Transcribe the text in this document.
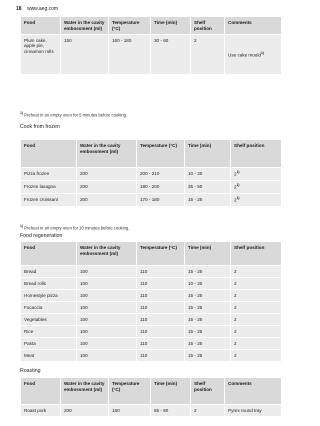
18 www.aeg.com
Food	Water in the cavity embossment (ml)	Temperature (°C)	Time (min)	Shelf position	Comments
Plum cake, apple pie, cinnamon rolls	150	160 - 180	30 - 60	2	Use cake mould$^{1)}$
$^{1)}$ Preheat in an empty oven for 5 minutes before cooking.
Cook from frozen
Food	Water in the cavity embossment (ml)	Temperature (°C)	Time (min)	Shelf position
Pizza frozen	200	200 - 210	10 - 20	2$^{1)}$
Frozen lasagna	200	180 - 200	35 - 50	2$^{1)}$
Frozen croissant	200	170 - 180	15 - 25	2$^{1)}$
$^{1)}$ Preheat in an empty oven for 10 minutes before cooking.
Food regeneration
Food	Water in the cavity embossment (ml)	Temperature (°C)	Time (min)	Shelf position
Bread	100	110	15 - 25	2
Bread rolls	100	110	10 - 20	2
Homestyle pizza	100	110	15 - 25	2
Focaccia	100	110	15 - 25	2
Vegetables	100	110	15 - 25	2
Rice	100	110	15 - 25	2
Pasta	100	110	15 - 25	2
Meat	100	110	15 - 25	2
Roasting
Food	Water in the cavity embossment (ml)	Temperature (°C)	Time (min)	Shelf position	Comments
Roast pork	200	180	65 - 80	2	Pyrex round tray
